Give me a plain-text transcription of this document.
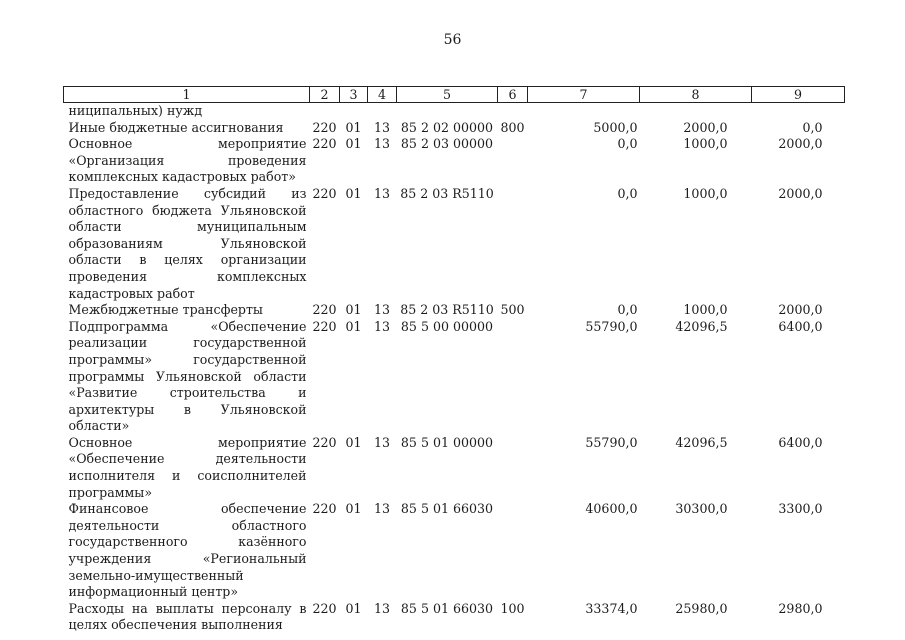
56
1	2	3	4	5	6	7	8	9
ниципальных) нужд								
Иные бюджетные ассигнования	220	01	13	85 2 02 00000	800	5000,0	2000,0	0,0
Основное мероприятие «Организация проведения комплексных кадастровых работ»	220	01	13	85 2 03 00000		0,0	1000,0	2000,0
Предоставление субсидий из областного бюджета Ульяновской области муниципальным образованиям Ульяновской области в целях организации проведения комплексных кадастровых работ	220	01	13	85 2 03 R5110		0,0	1000,0	2000,0
Межбюджетные трансферты	220	01	13	85 2 03 R5110	500	0,0	1000,0	2000,0
Подпрограмма «Обеспечение реализации государственной программы» государственной программы Ульяновской области «Развитие строительства и архитектуры в Ульяновской области»	220	01	13	85 5 00 00000		55790,0	42096,5	6400,0
Основное мероприятие «Обеспечение деятельности исполнителя и соисполнителей программы»	220	01	13	85 5 01 00000		55790,0	42096,5	6400,0
Финансовое обеспечение деятельности областного государственного казённого учреждения «Региональный земельно-имущественный информационный центр»	220	01	13	85 5 01 66030		40600,0	30300,0	3300,0
Расходы на выплаты персоналу в целях обеспечения выполнения	220	01	13	85 5 01 66030	100	33374,0	25980,0	2980,0
